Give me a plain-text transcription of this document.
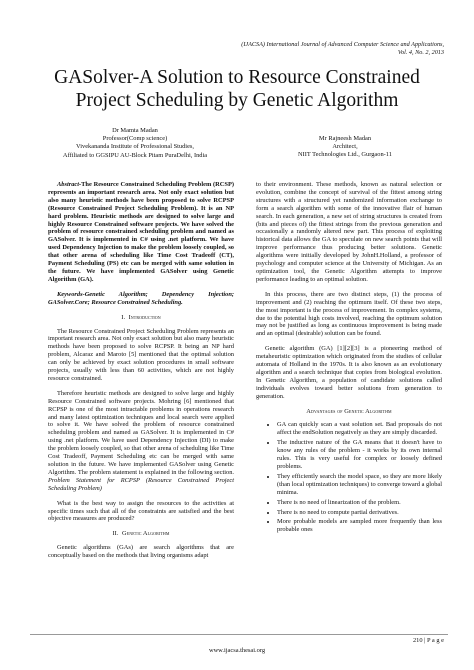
(IJACSA) International Journal of Advanced Computer Science and Applications,
Vol. 4, No. 2, 2013
GASolver-A Solution to Resource Constrained
Project Scheduling by Genetic Algorithm
Dr Mamta Madan
Professor(Comp science)
Vivekananda Institute of Professional Studies,
Affiliated to GGSIPU AU-Block Pitam PuraDelhi, India
Mr Rajneesh Madan
Architect,
NIIT Technologies Ltd., Gurgaon-11

Abstract-The Resource Constrained Scheduling Problem (RCSP) represents an important research area. Not only exact solution but also many heuristic methods have been proposed to solve RCPSP (Resource Constrained Project Scheduling Problem). It is an NP hard problem. Heuristic methods are designed to solve large and highly Resource Constrained software projects. We have solved the problem of resource constrained scheduling problem and named as GASolver. It is implemented in C# using .net platform. We have used Dependency Injection to make the problem loosely coupled, so that other arena of scheduling like Time Cost Tradeoff (CT), Payment Scheduling (PS) etc can be merged with same solution in the future. We have implemented GASolver using Genetic Algorithm (GA).

Keywords-Genetic Algorithm; Dependency Injection; GASolver.Core; Resource Constrained Scheduling.

I. Introduction

The Resource Constrained Project Scheduling Problem represents an important research area. Not only exact solution but also many heuristic methods have been proposed to solve RCPSP. It being an NP hard problem, Alcaraz and Maroto [5] mentioned that the optimal solution can only be achieved by exact solution procedures in small software projects, usually with less than 60 activities, which are not highly resource constrained.

Therefore heuristic methods are designed to solve large and highly Resource Constrained software projects. Mohring [6] mentioned that RCPSP is one of the most intractable problems in operations research and many latest optimization techniques and local search were applied to solve it. We have solved the problem of resource constrained scheduling problem and named as GASolver. It is implemented in C# using .net platform. We have used Dependency Injection (DI) to make the problem loosely coupled, so that other arena of scheduling like Time Cost Tradeoff, Payment Scheduling etc can be merged with same solution in the future. We have implemented GASolver using Genetic Algorithm. The problem statement is explained in the following section. Problem Statement for RCPSP (Resource Constrained Project Scheduling Problem)

What is the best way to assign the resources to the activities at specific times such that all of the constraints are satisfied and the best objective measures are produced?

II. Genetic Algorithm

Genetic algorithms (GAs) are search algorithms that are conceptually based on the methods that living organisms adapt

to their environment. These methods, known as natural selection or evolution, combine the concept of survival of the fittest among string structures with a structured yet randomized information exchange to form a search algorithm with some of the innovative flair of human search. In each generation, a new set of string structures is created from (bits and pieces of) the fittest strings from the previous generation and occasionally a randomly altered new part. This process of exploiting historical data allows the GA to speculate on new search points that will improve performance thus producing better solutions. Genetic algorithms were initially developed by JohnH.Holland, a professor of psychology and computer science at the University of Michigan. As an optimization tool, the Genetic Algorithm attempts to improve performance leading to an optimal solution.

In this process, there are two distinct steps, (1) the process of improvement and (2) reaching the optimum itself. Of these two steps, the most important is the process of improvement. In complex systems, due to the potential high costs involved, reaching the optimum solution may not be justified as long as continuous improvement is being made and an optimal (desirable) solution can be found.

Genetic algorithm (GA) [1][2][3] is a pioneering method of metaheuristic optimization which originated from the studies of cellular automata of Holland in the 1970s. It is also known as an evolutionary algorithm and a search technique that copies from biological evolution. In Genetic Algorithm, a population of candidate solutions called individuals evolves toward better solutions from generation to generation.

Advantages of Genetic Algorithm
• GA can quickly scan a vast solution set. Bad proposals do not affect the endSolution negatively as they are simply discarded.
• The inductive nature of the GA means that it doesn't have to know any rules of the problem - it works by its own internal rules. This is very useful for complex or loosely defined problems.
• They efficiently search the model space, so they are more likely (than local optimization techniques) to converge toward a global minima.
• There is no need of linearization of the problem.
• There is no need to compute partial derivatives.
• More probable models are sampled more frequently than less probable ones
210 | P a g e
www.ijacsa.thesai.org
